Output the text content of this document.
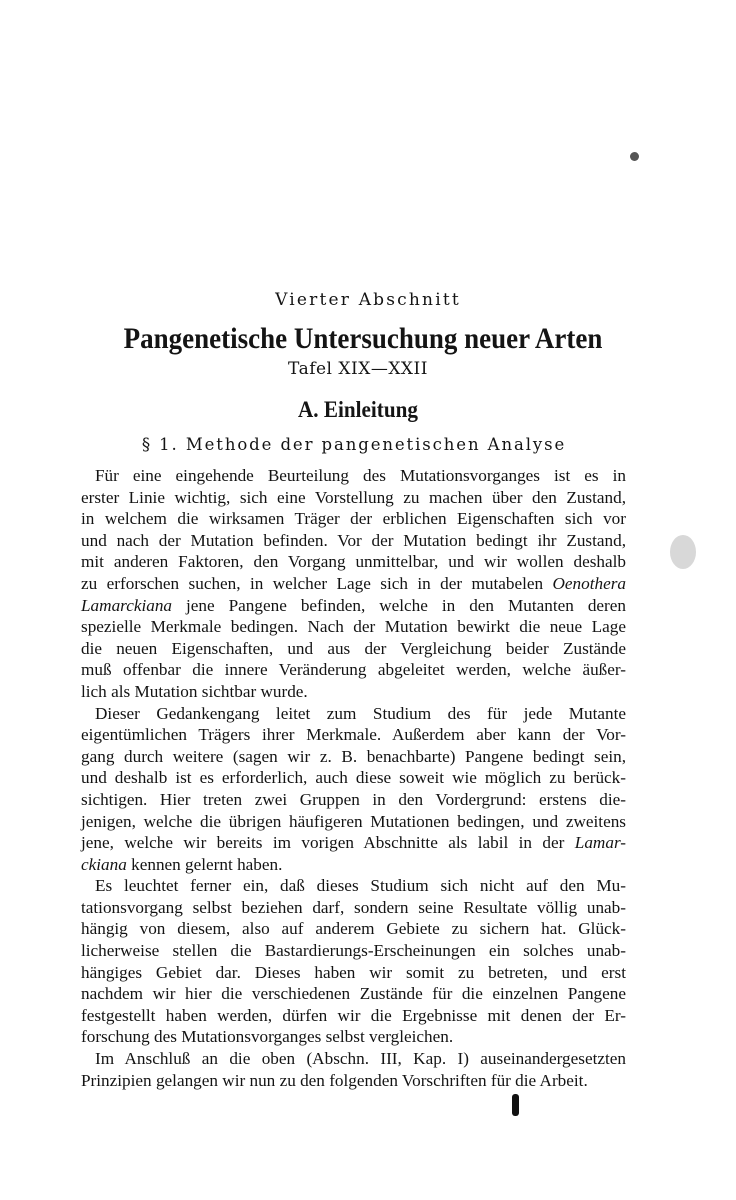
Vierter Abschnitt
Pangenetische Untersuchung neuer Arten
Tafel XIX—XXII
A. Einleitung
§ 1. Methode der pangenetischen Analyse
Für eine eingehende Beurteilung des Mutationsvorganges ist es in
erster Linie wichtig, sich eine Vorstellung zu machen über den Zustand,
in welchem die wirksamen Träger der erblichen Eigenschaften sich vor
und nach der Mutation befinden. Vor der Mutation bedingt ihr Zustand,
mit anderen Faktoren, den Vorgang unmittelbar, und wir wollen deshalb
zu erforschen suchen, in welcher Lage sich in der mutabelen Oenothera
Lamarckiana jene Pangene befinden, welche in den Mutanten deren
spezielle Merkmale bedingen. Nach der Mutation bewirkt die neue Lage
die neuen Eigenschaften, und aus der Vergleichung beider Zustände
muß offenbar die innere Veränderung abgeleitet werden, welche äußer-
lich als Mutation sichtbar wurde.
Dieser Gedankengang leitet zum Studium des für jede Mutante
eigentümlichen Trägers ihrer Merkmale. Außerdem aber kann der Vor-
gang durch weitere (sagen wir z. B. benachbarte) Pangene bedingt sein,
und deshalb ist es erforderlich, auch diese soweit wie möglich zu berück-
sichtigen. Hier treten zwei Gruppen in den Vordergrund: erstens die-
jenigen, welche die übrigen häufigeren Mutationen bedingen, und zweitens
jene, welche wir bereits im vorigen Abschnitte als labil in der Lamar-
ckiana kennen gelernt haben.
Es leuchtet ferner ein, daß dieses Studium sich nicht auf den Mu-
tationsvorgang selbst beziehen darf, sondern seine Resultate völlig unab-
hängig von diesem, also auf anderem Gebiete zu sichern hat. Glück-
licherweise stellen die Bastardierungs-Erscheinungen ein solches unab-
hängiges Gebiet dar. Dieses haben wir somit zu betreten, und erst
nachdem wir hier die verschiedenen Zustände für die einzelnen Pangene
festgestellt haben werden, dürfen wir die Ergebnisse mit denen der Er-
forschung des Mutationsvorganges selbst vergleichen.
Im Anschluß an die oben (Abschn. III, Kap. I) auseinandergesetzten
Prinzipien gelangen wir nun zu den folgenden Vorschriften für die Arbeit.
